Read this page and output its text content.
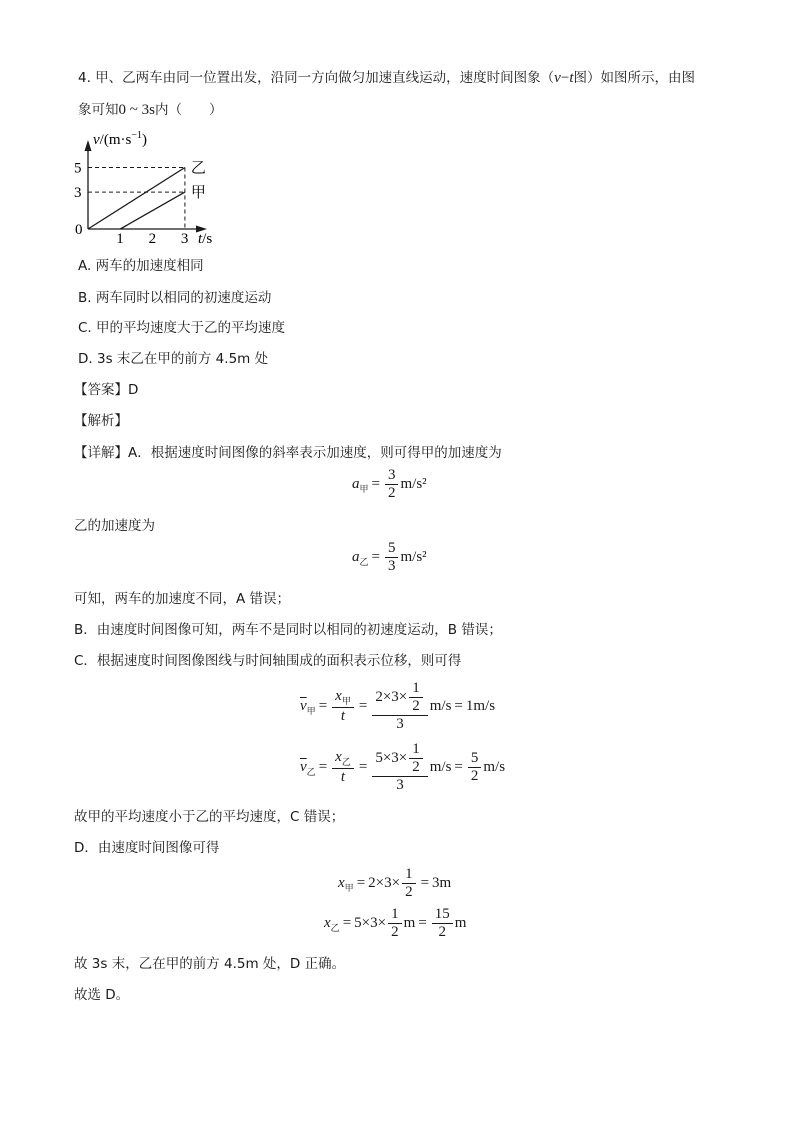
4. 甲、乙两车由同一位置出发，沿同一方向做匀加速直线运动，速度时间图象（v−t图）如图所示，由图
象可知0 ~ 3s内（　　）
$v/(m\cdot s^{-1})$
0
t/s
3
5
1 2 3
乙
甲
A. 两车的加速度相同
B. 两车同时以相同的初速度运动
C. 甲的平均速度大于乙的平均速度
D. 3s 末乙在甲的前方 4.5m 处
【答案】D
【解析】
【详解】A．根据速度时间图像的斜率表示加速度，则可得甲的加速度为
a 甲 = $\frac{3}{2} m/s^2$
乙的加速度为
a 乙 = $\frac{5}{3} m/s^2$
可知，两车的加速度不同，A 错误；
B．由速度时间图像可知，两车不是同时以相同的初速度运动，B 错误；
C．根据速度时间图像图线与时间轴围成的面积表示位移，则可得
$\overline{v}$ 甲 = $\frac{x_甲}{t} = \frac{2\times 3\times \frac{1}{2}}{3} m/s = 1m/s$
$\overline{v}$ 乙 = $\frac{x_乙}{t} = \frac{5\times 3\times \frac{1}{2}}{3} m/s = \frac{5}{2} m/s$
故甲的平均速度小于乙的平均速度，C 错误；
D．由速度时间图像可得
x 甲 = $2\times 3\times \frac{1}{2} = 3m$
x 乙 = $5\times 3\times \frac{1}{2}$ $m = \frac{15}{2}$ m
故 3s 末，乙在甲的前方 4.5m 处，D 正确。
故选 D。
